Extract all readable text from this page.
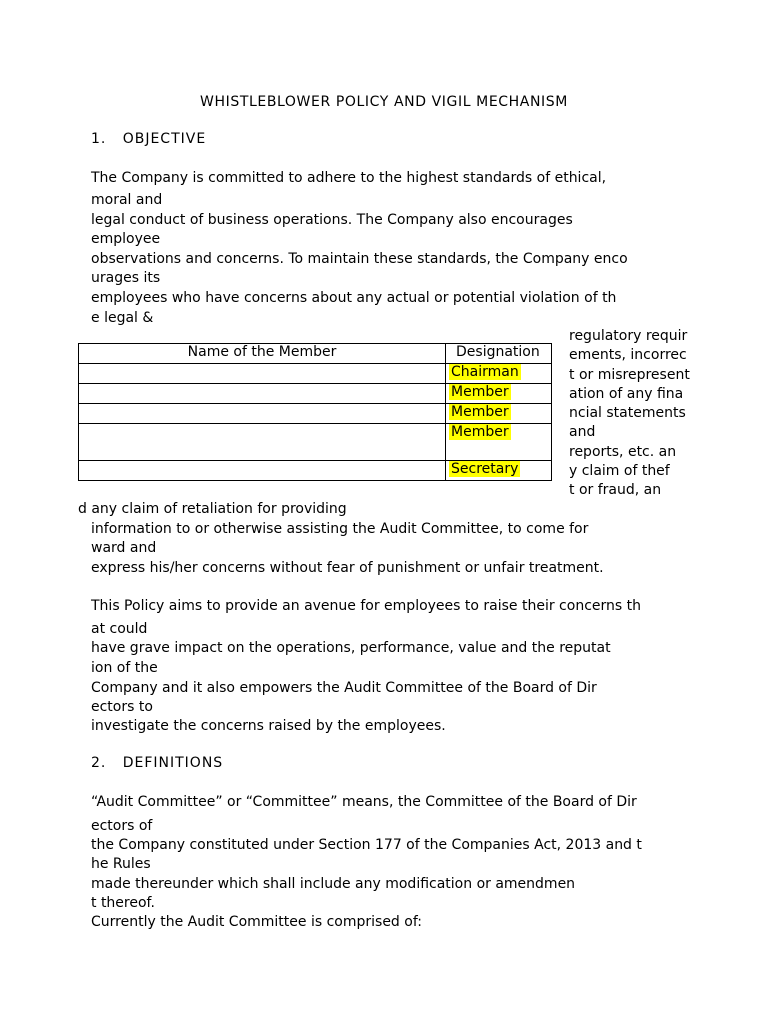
WHISTLEBLOWER POLICY AND VIGIL MECHANISM

1.   OBJECTIVE

The Company is committed to adhere to the highest standards of ethical,

moral and

legal conduct of business operations. The Company also encourages

employee

observations and concerns. To maintain these standards, the Company enco

urages its

employees who have concerns about any actual or potential violation of th

e legal &

regulatory requir

ements, incorrec

t or misrepresent

ation of any fina

ncial statements

and

reports, etc. an

y claim of thef

t or fraud, an

Name of the Member	Designation
	Chairman
	Member
	Member
	Member
	Secretary

d any claim of retaliation for providing

information to or otherwise assisting the Audit Committee, to come for

ward and

express his/her concerns without fear of punishment or unfair treatment.

This Policy aims to provide an avenue for employees to raise their concerns th

at could

have grave impact on the operations, performance, value and the reputat

ion of the

Company and it also empowers the Audit Committee of the Board of Dir

ectors to

investigate the concerns raised by the employees.

2.   DEFINITIONS

“Audit Committee” or “Committee” means, the Committee of the Board of Dir

ectors of

the Company constituted under Section 177 of the Companies Act, 2013 and t

he Rules

made thereunder which shall include any modification or amendmen

t thereof.

Currently the Audit Committee is comprised of:
